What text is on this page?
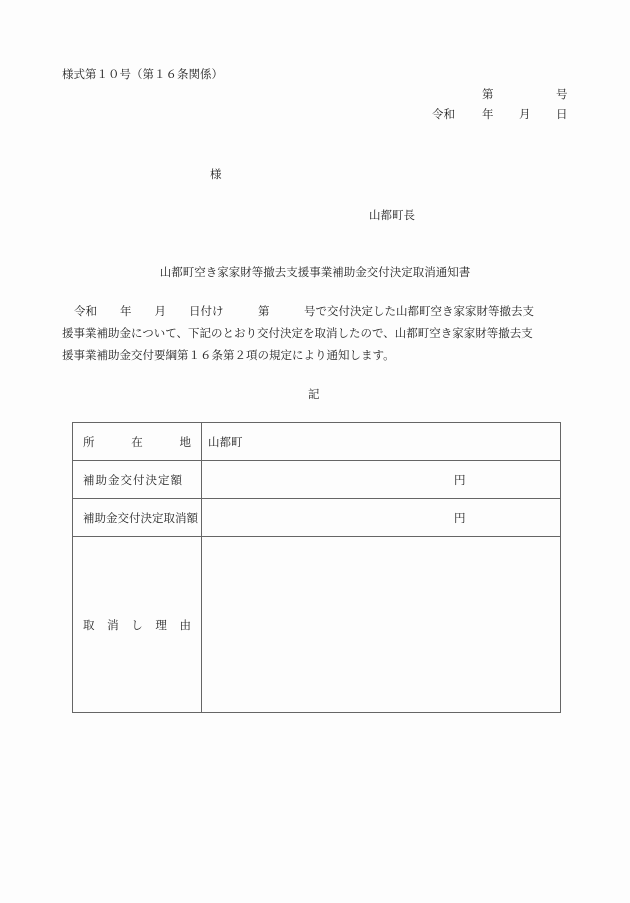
様式第１０号（第１６条関係）
第	号
令和 年 月 日
様
山都町長
山都町空き家家財等撤去支援事業補助金交付決定取消通知書
令和　　年　　月　　日付け　　　第　　　号で交付決定した山都町空き家家財等撤去支
援事業補助金について、下記のとおり交付決定を取消したので、山都町空き家家財等撤去支
援事業補助金交付要綱第１６条第２項の規定により通知します。
記
所 在 地	山都町
補助金交付決定額	円
補助金交付決定取消額	円

取 消 し 理 由	
